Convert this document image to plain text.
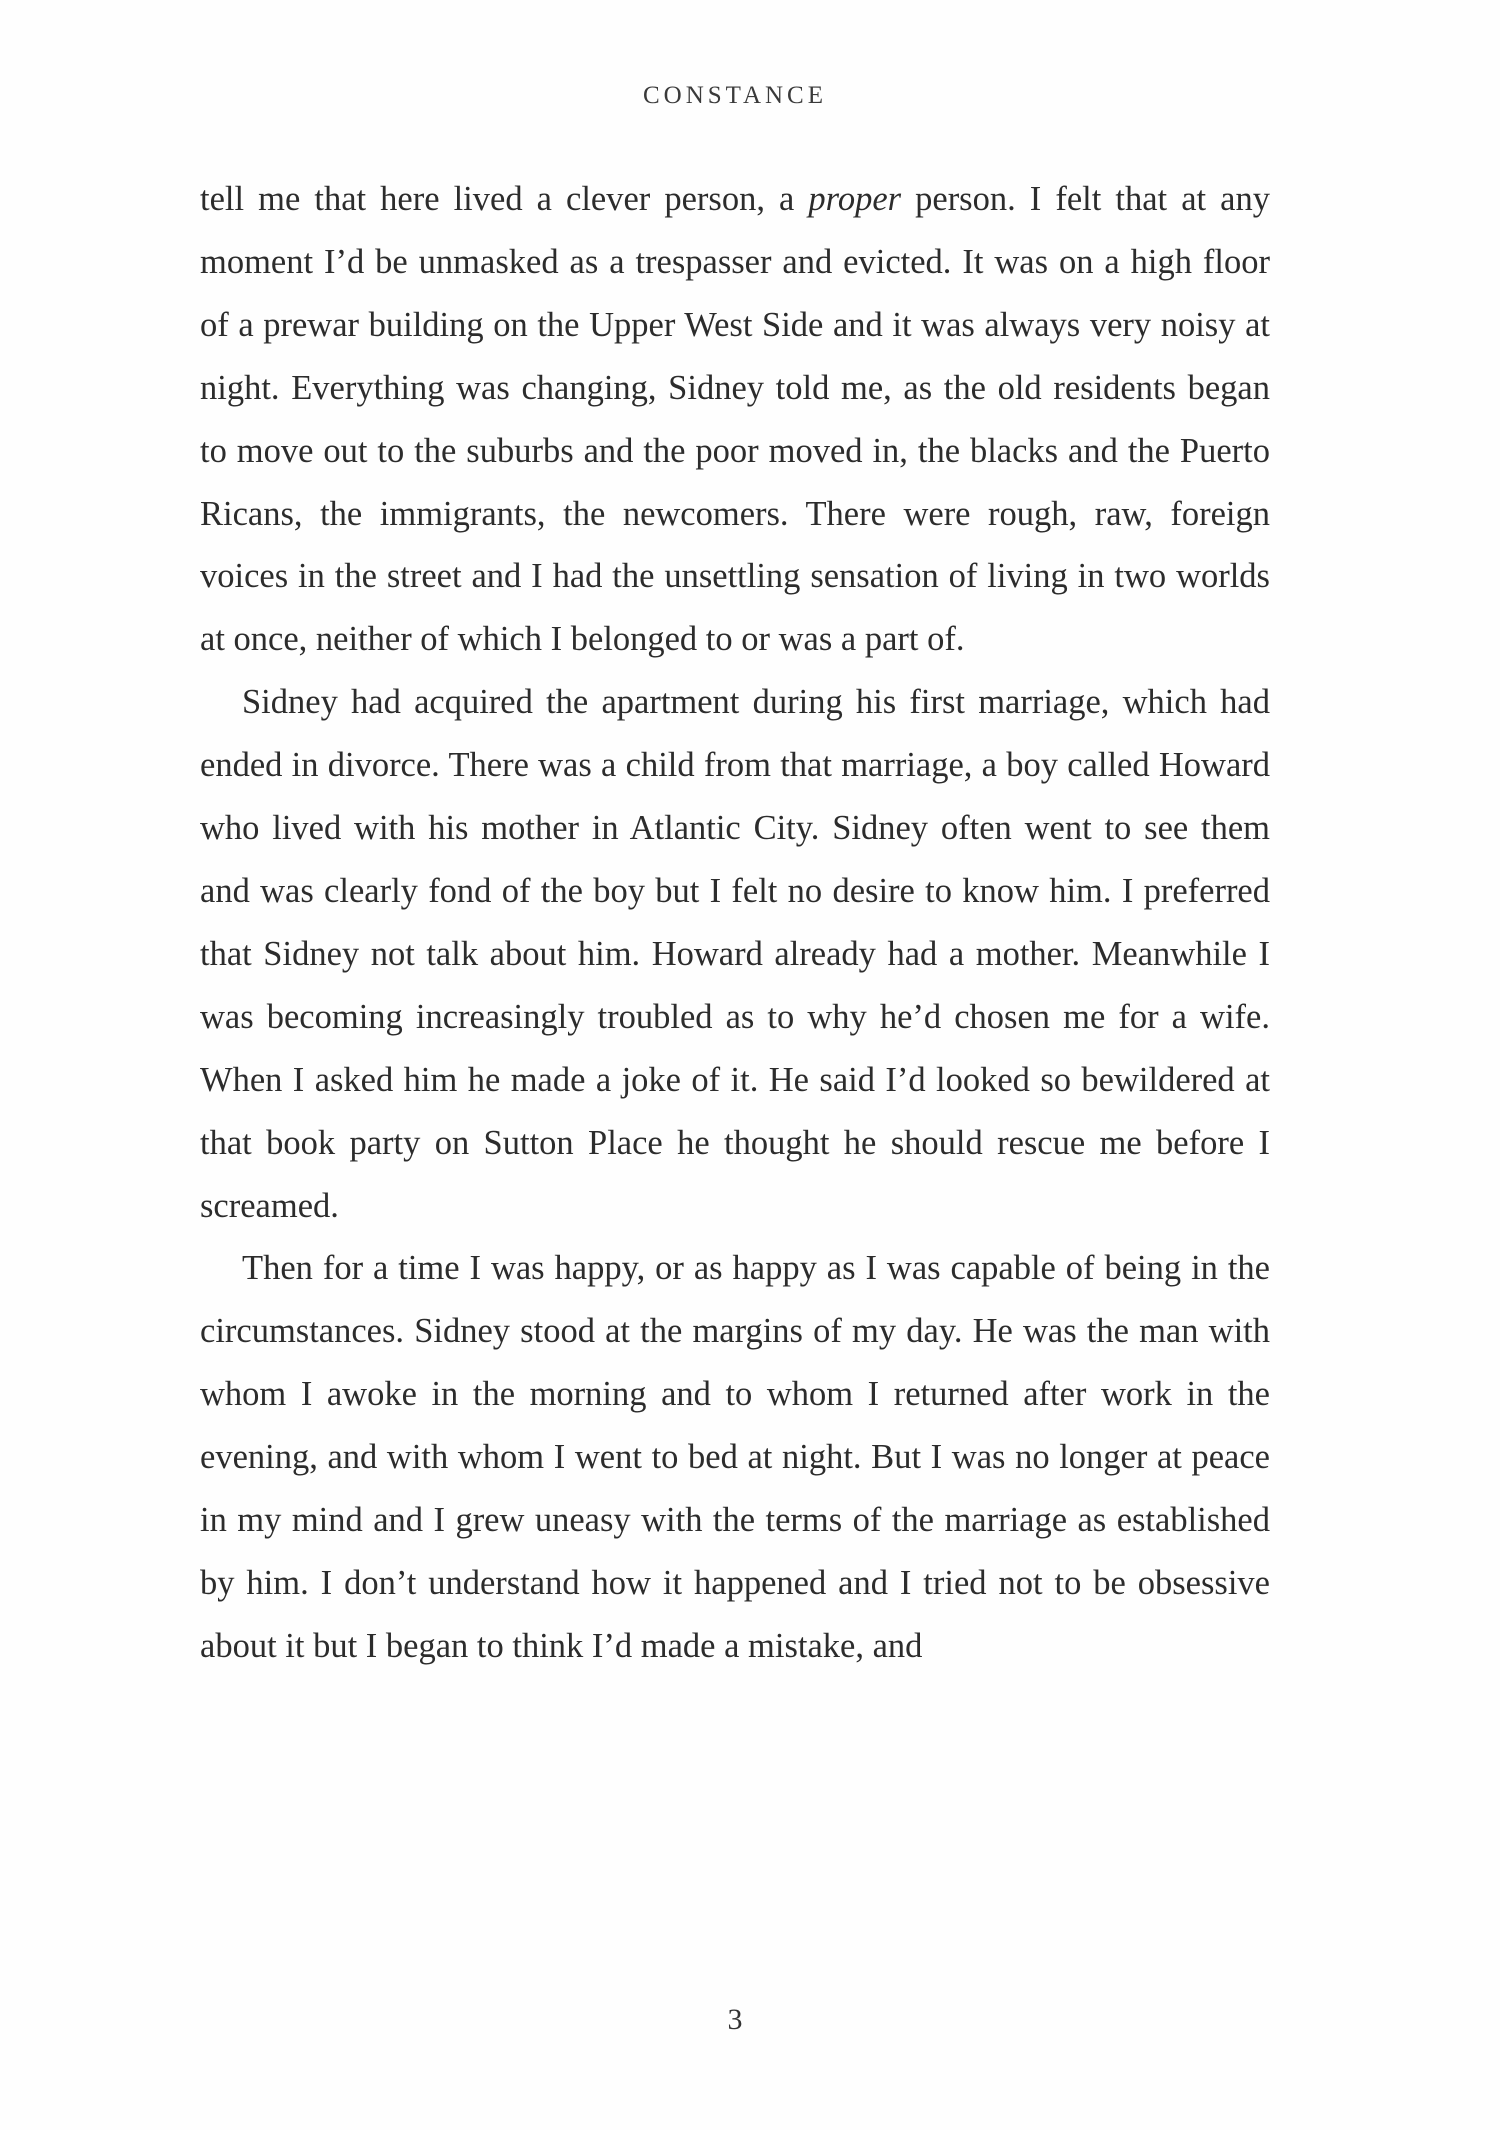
CONSTANCE

tell me that here lived a clever person, a proper person. I felt that at any moment I’d be unmasked as a trespasser and evicted. It was on a high floor of a prewar building on the Upper West Side and it was always very noisy at night. Everything was changing, Sidney told me, as the old residents began to move out to the suburbs and the poor moved in, the blacks and the Puerto Ricans, the immigrants, the newcomers. There were rough, raw, foreign voices in the street and I had the unsettling sensation of living in two worlds at once, neither of which I belonged to or was a part of.

Sidney had acquired the apartment during his first marriage, which had ended in divorce. There was a child from that marriage, a boy called Howard who lived with his mother in Atlantic City. Sidney often went to see them and was clearly fond of the boy but I felt no desire to know him. I preferred that Sidney not talk about him. Howard already had a mother. Meanwhile I was becoming increasingly troubled as to why he’d chosen me for a wife. When I asked him he made a joke of it. He said I’d looked so bewildered at that book party on Sutton Place he thought he should rescue me before I screamed.

Then for a time I was happy, or as happy as I was capable of being in the circumstances. Sidney stood at the margins of my day. He was the man with whom I awoke in the morning and to whom I returned after work in the evening, and with whom I went to bed at night. But I was no longer at peace in my mind and I grew uneasy with the terms of the marriage as established by him. I don’t understand how it happened and I tried not to be obsessive about it but I began to think I’d made a mistake, and

3
